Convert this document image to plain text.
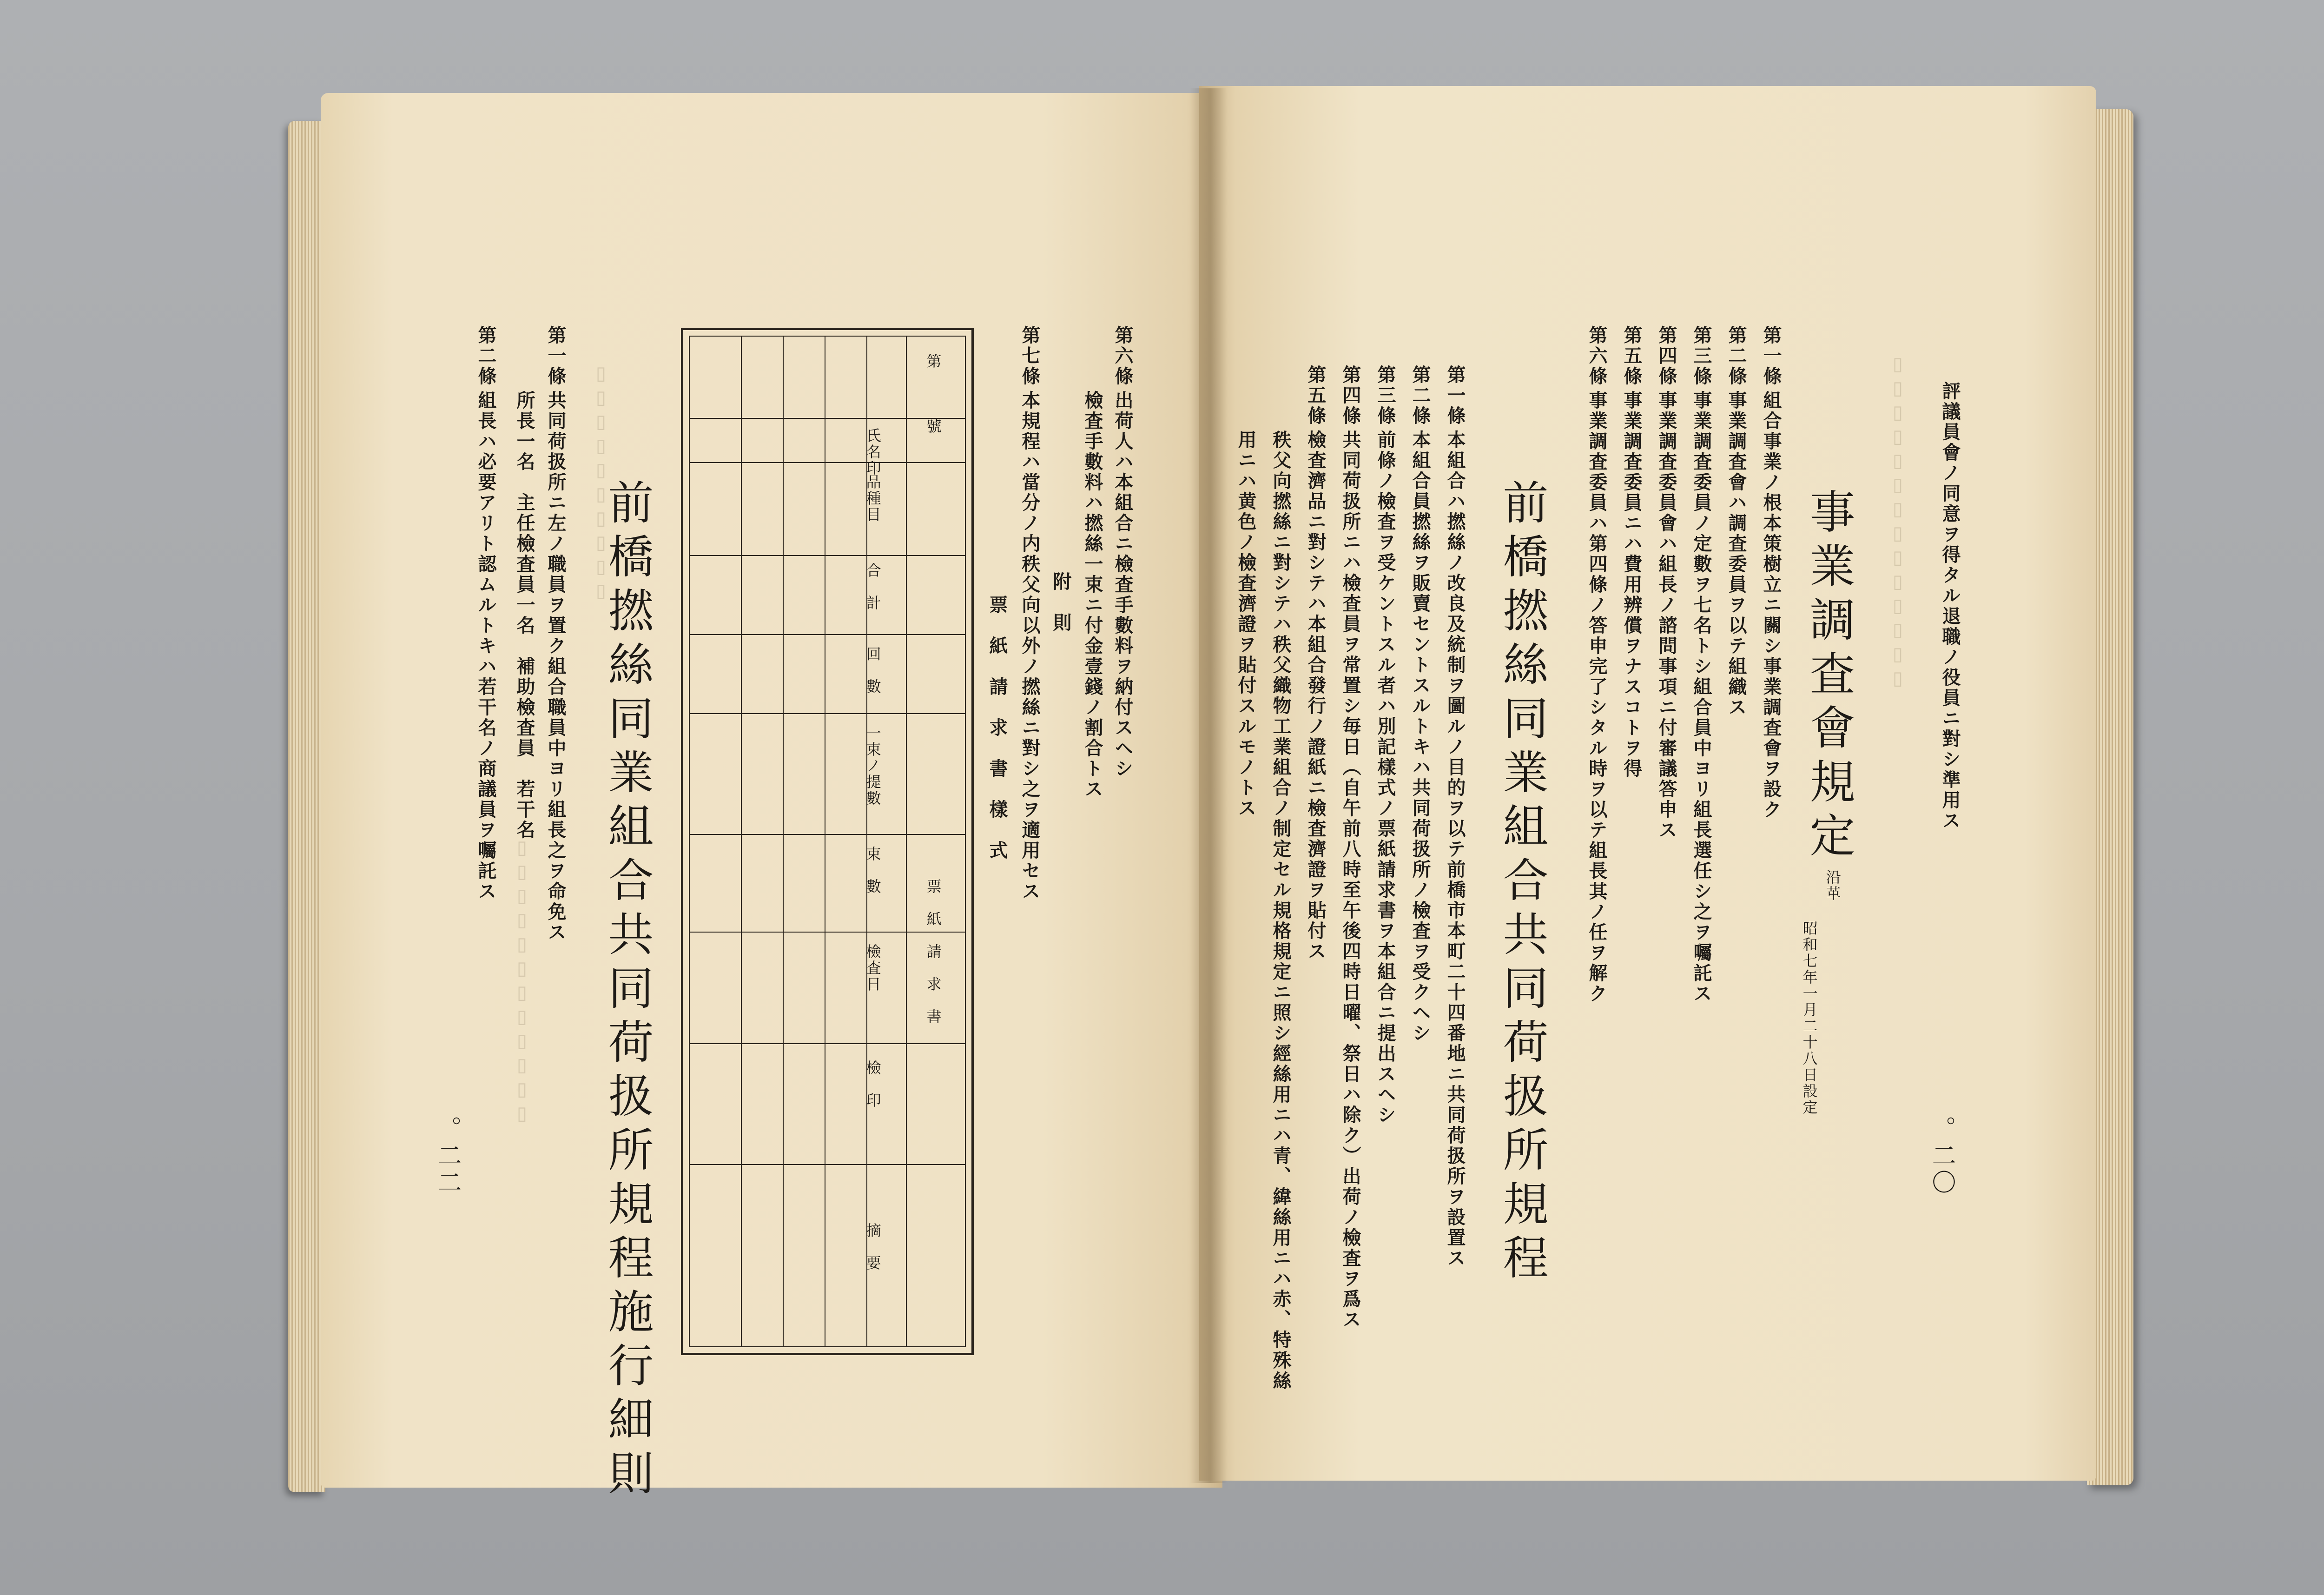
▯▯▯▯▯▯▯▯▯▯
▯▯▯▯▯▯▯▯▯▯▯▯
第六條
出荷人ハ本組合ニ檢査手數料ヲ納付スヘシ
檢査手數料ハ撚絲一束ニ付金壹錢ノ割合トス
附　則
第七條
本規程ハ當分ノ内秩父向以外ノ撚絲ニ對シ之ヲ適用セス
票　紙　請　求　書　樣　式
第　　　號
票　紙　請　求　書
氏名印
品種目
合　計
回　數
一束ノ提數
束　數
檢査日
檢　印
摘　要
前橋撚絲同業組合共同荷扱所規程施行細則
第一條
共同荷扱所ニ左ノ職員ヲ置ク組合職員中ヨリ組長之ヲ命免ス
所長一名　主任檢査員一名　補助檢査員　若干名
第二條
組長ハ必要アリト認ムルトキハ若干名ノ商議員ヲ囑託ス
。二二
▯▯▯▯▯▯▯▯▯▯▯▯▯▯ 評議員會ノ同意ヲ得タル退職ノ役員ニ對シ準用ス
事業調査會規定
沿革
昭和七年一月二十八日設定
第一條
組合事業ノ根本策樹立ニ關シ事業調査會ヲ設ク
第二條
事業調査會ハ調査委員ヲ以テ組織ス
第三條
事業調査委員ノ定數ヲ七名トシ組合員中ヨリ組長選任シ之ヲ囑託ス
第四條
事業調査委員會ハ組長ノ諮問事項ニ付審議答申ス
第五條
事業調査委員ニハ費用辨償ヲナスコトヲ得
第六條
事業調査委員ハ第四條ノ答申完了シタル時ヲ以テ組長其ノ任ヲ解ク
前橋撚絲同業組合共同荷扱所規程
第一條
本組合ハ撚絲ノ改良及統制ヲ圖ルノ目的ヲ以テ前橋市本町二十四番地ニ共同荷扱所ヲ設置ス
第二條
本組合員撚絲ヲ販賣セントスルトキハ共同荷扱所ノ檢査ヲ受クヘシ
第三條
前條ノ檢査ヲ受ケントスル者ハ別記樣式ノ票紙請求書ヲ本組合ニ提出スヘシ
第四條
共同荷扱所ニハ檢査員ヲ常置シ毎日（自午前八時至午後四時日曜、祭日ハ除ク）出荷ノ檢査ヲ爲ス
第五條
檢査濟品ニ對シテハ本組合發行ノ證紙ニ檢査濟證ヲ貼付ス
秩父向撚絲ニ對シテハ秩父織物工業組合ノ制定セル規格規定ニ照シ經絲用ニハ青、緯絲用ニハ赤、特殊絲
用ニハ黄色ノ檢査濟證ヲ貼付スルモノトス
。二〇
